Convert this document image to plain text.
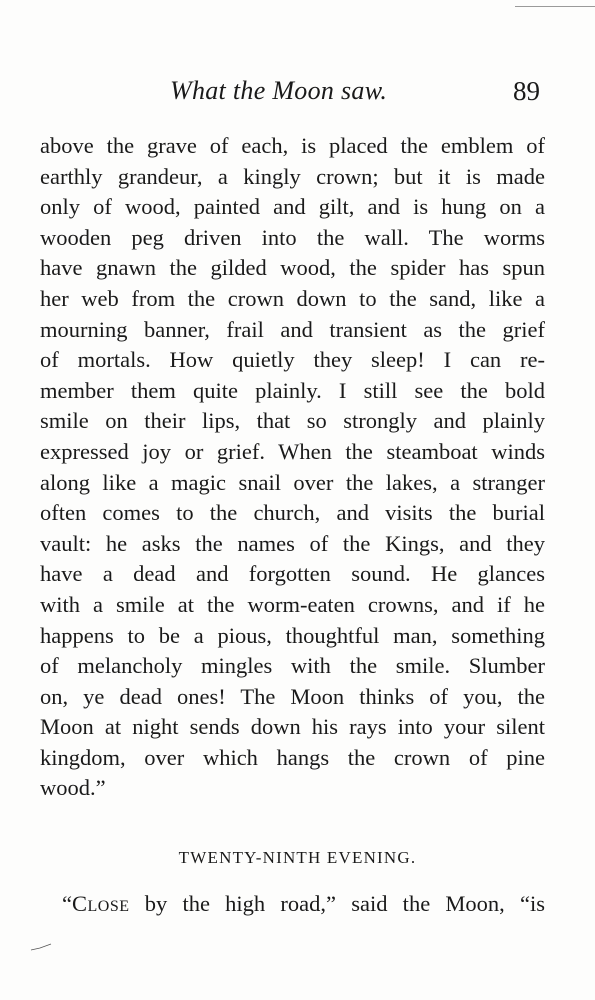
What the Moon saw.	89
above the grave of each, is placed the emblem of
earthly grandeur, a kingly crown; but it is made
only of wood, painted and gilt, and is hung on a
wooden peg driven into the wall. The worms
have gnawn the gilded wood, the spider has spun
her web from the crown down to the sand, like a
mourning banner, frail and transient as the grief
of mortals. How quietly they sleep! I can re-
member them quite plainly. I still see the bold
smile on their lips, that so strongly and plainly
expressed joy or grief. When the steamboat winds
along like a magic snail over the lakes, a stranger
often comes to the church, and visits the burial
vault: he asks the names of the Kings, and they
have a dead and forgotten sound. He glances
with a smile at the worm-eaten crowns, and if he
happens to be a pious, thoughtful man, something
of melancholy mingles with the smile. Slumber
on, ye dead ones! The Moon thinks of you, the
Moon at night sends down his rays into your silent
kingdom, over which hangs the crown of pine
wood.”
TWENTY-NINTH EVENING.
“Close by the high road,” said the Moon, “is
